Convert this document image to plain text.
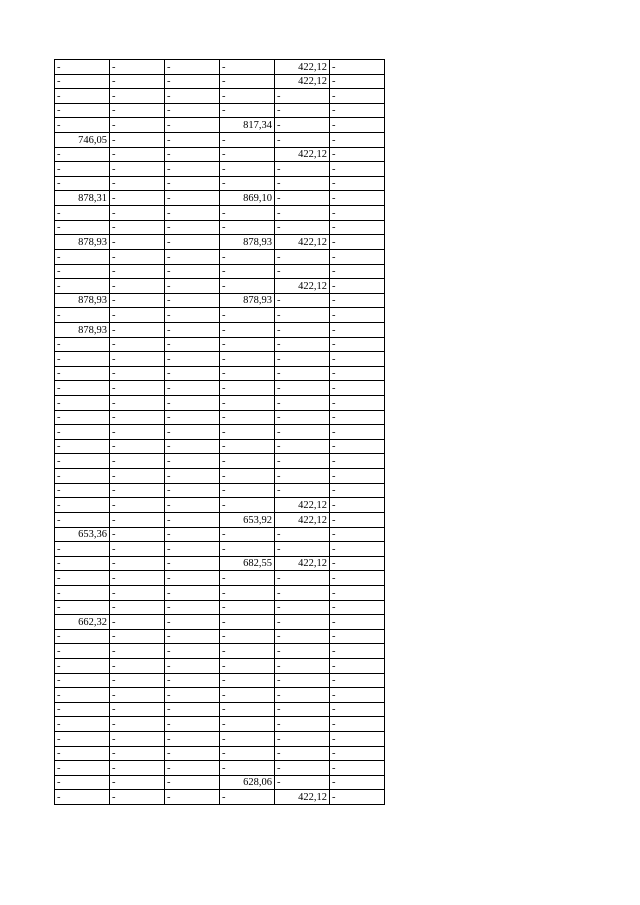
-	-	-	-	422,12	-
-	-	-	-	422,12	-
-	-	-	-	-	-
-	-	-	-	-	-
-	-	-	817,34	-	-
746,05	-	-	-	-	-
-	-	-	-	422,12	-
-	-	-	-	-	-
-	-	-	-	-	-
878,31	-	-	869,10	-	-
-	-	-	-	-	-
-	-	-	-	-	-
878,93	-	-	878,93	422,12	-
-	-	-	-	-	-
-	-	-	-	-	-
-	-	-	-	422,12	-
878,93	-	-	878,93	-	-
-	-	-	-	-	-
878,93	-	-	-	-	-
-	-	-	-	-	-
-	-	-	-	-	-
-	-	-	-	-	-
-	-	-	-	-	-
-	-	-	-	-	-
-	-	-	-	-	-
-	-	-	-	-	-
-	-	-	-	-	-
-	-	-	-	-	-
-	-	-	-	-	-
-	-	-	-	-	-
-	-	-	-	422,12	-
-	-	-	653,92	422,12	-
653,36	-	-	-	-	-
-	-	-	-	-	-
-	-	-	682,55	422,12	-
-	-	-	-	-	-
-	-	-	-	-	-
-	-	-	-	-	-
662,32	-	-	-	-	-
-	-	-	-	-	-
-	-	-	-	-	-
-	-	-	-	-	-
-	-	-	-	-	-
-	-	-	-	-	-
-	-	-	-	-	-
-	-	-	-	-	-
-	-	-	-	-	-
-	-	-	-	-	-
-	-	-	-	-	-
-	-	-	628,06	-	-
-	-	-	-	422,12	-
